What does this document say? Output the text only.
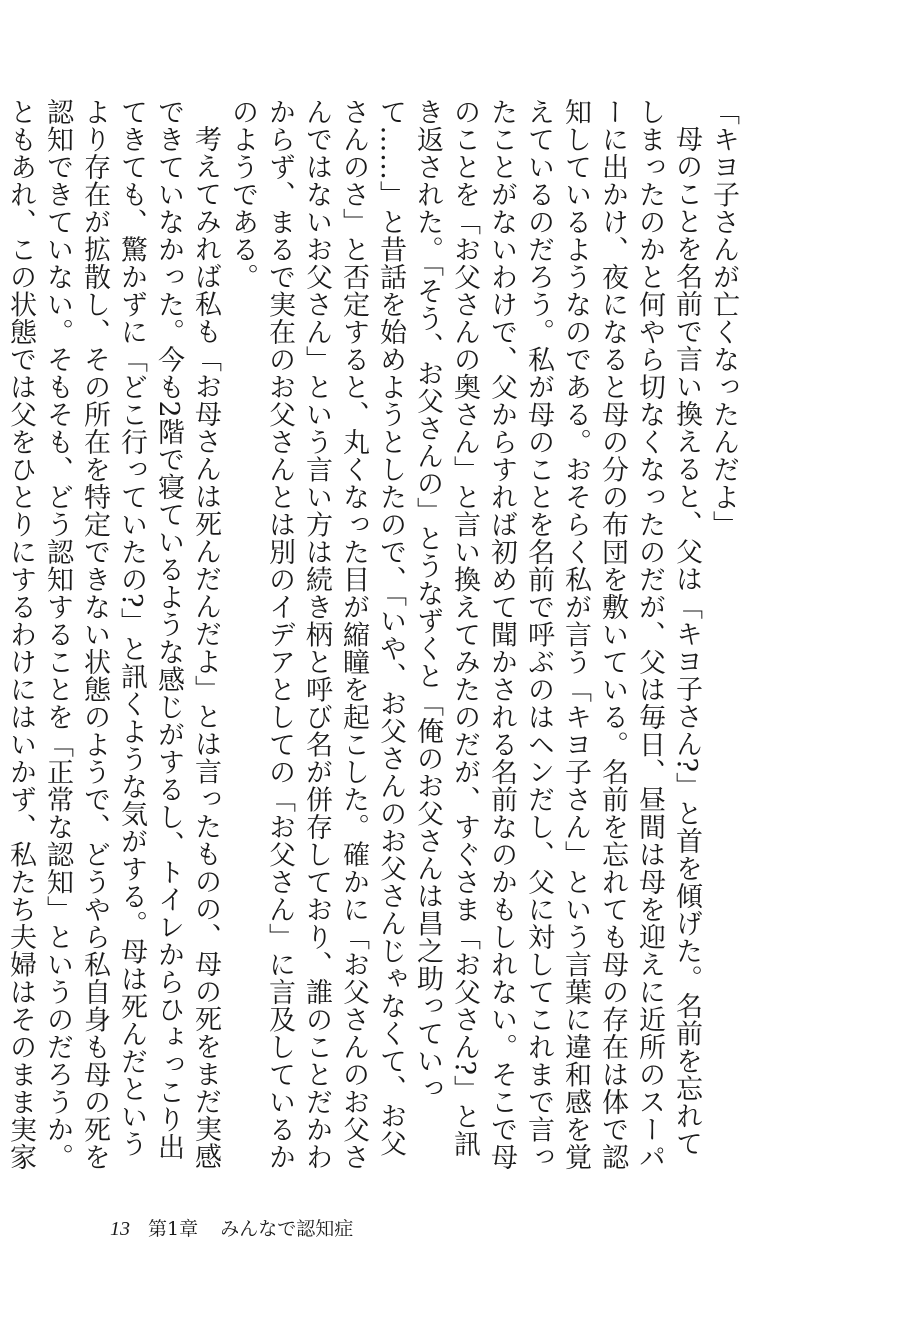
「キヨ子さんが亡くなったんだよ」

母のことを名前で言い換えると、父は「キヨ子さん?」と首を傾げた。名前を忘れてしまったのかと何やら切なくなったのだが、父は毎日、昼間は母を迎えに近所のスーパーに出かけ、夜になると母の分の布団を敷いている。名前を忘れても母の存在は体で認知しているようなのである。おそらく私が言う「キヨ子さん」という言葉に違和感を覚えているのだろう。私が母のことを名前で呼ぶのはヘンだし、父に対してこれまで言ったことがないわけで、父からすれば初めて聞かされる名前なのかもしれない。そこで母のことを「お父さんの奥さん」と言い換えてみたのだが、すぐさま「お父さん?」と訊き返された。「そう、お父さんの」とうなずくと「俺のお父さんは昌之助っていって……」と昔話を始めようとしたので、「いや、お父さんのお父さんじゃなくて、お父さんのさ」と否定すると、丸くなった目が縮瞳を起こした。確かに「お父さんのお父さんではないお父さん」という言い方は続き柄と呼び名が併存しており、誰のことだかわからず、まるで実在のお父さんとは別のイデアとしての「お父さん」に言及しているかのようである。

考えてみれば私も「お母さんは死んだんだよ」とは言ったものの、母の死をまだ実感できていなかった。今も2階で寝ているような感じがするし、トイレからひょっこり出てきても、驚かずに「どこ行っていたの?」と訊くような気がする。母は死んだというより存在が拡散し、その所在を特定できない状態のようで、どうやら私自身も母の死を認知できていない。そもそも、どう認知することを「正常な認知」というのだろうか。

ともあれ、この状態では父をひとりにするわけにはいかず、私たち夫婦はそのまま実家

13 第1章 みんなで認知症
